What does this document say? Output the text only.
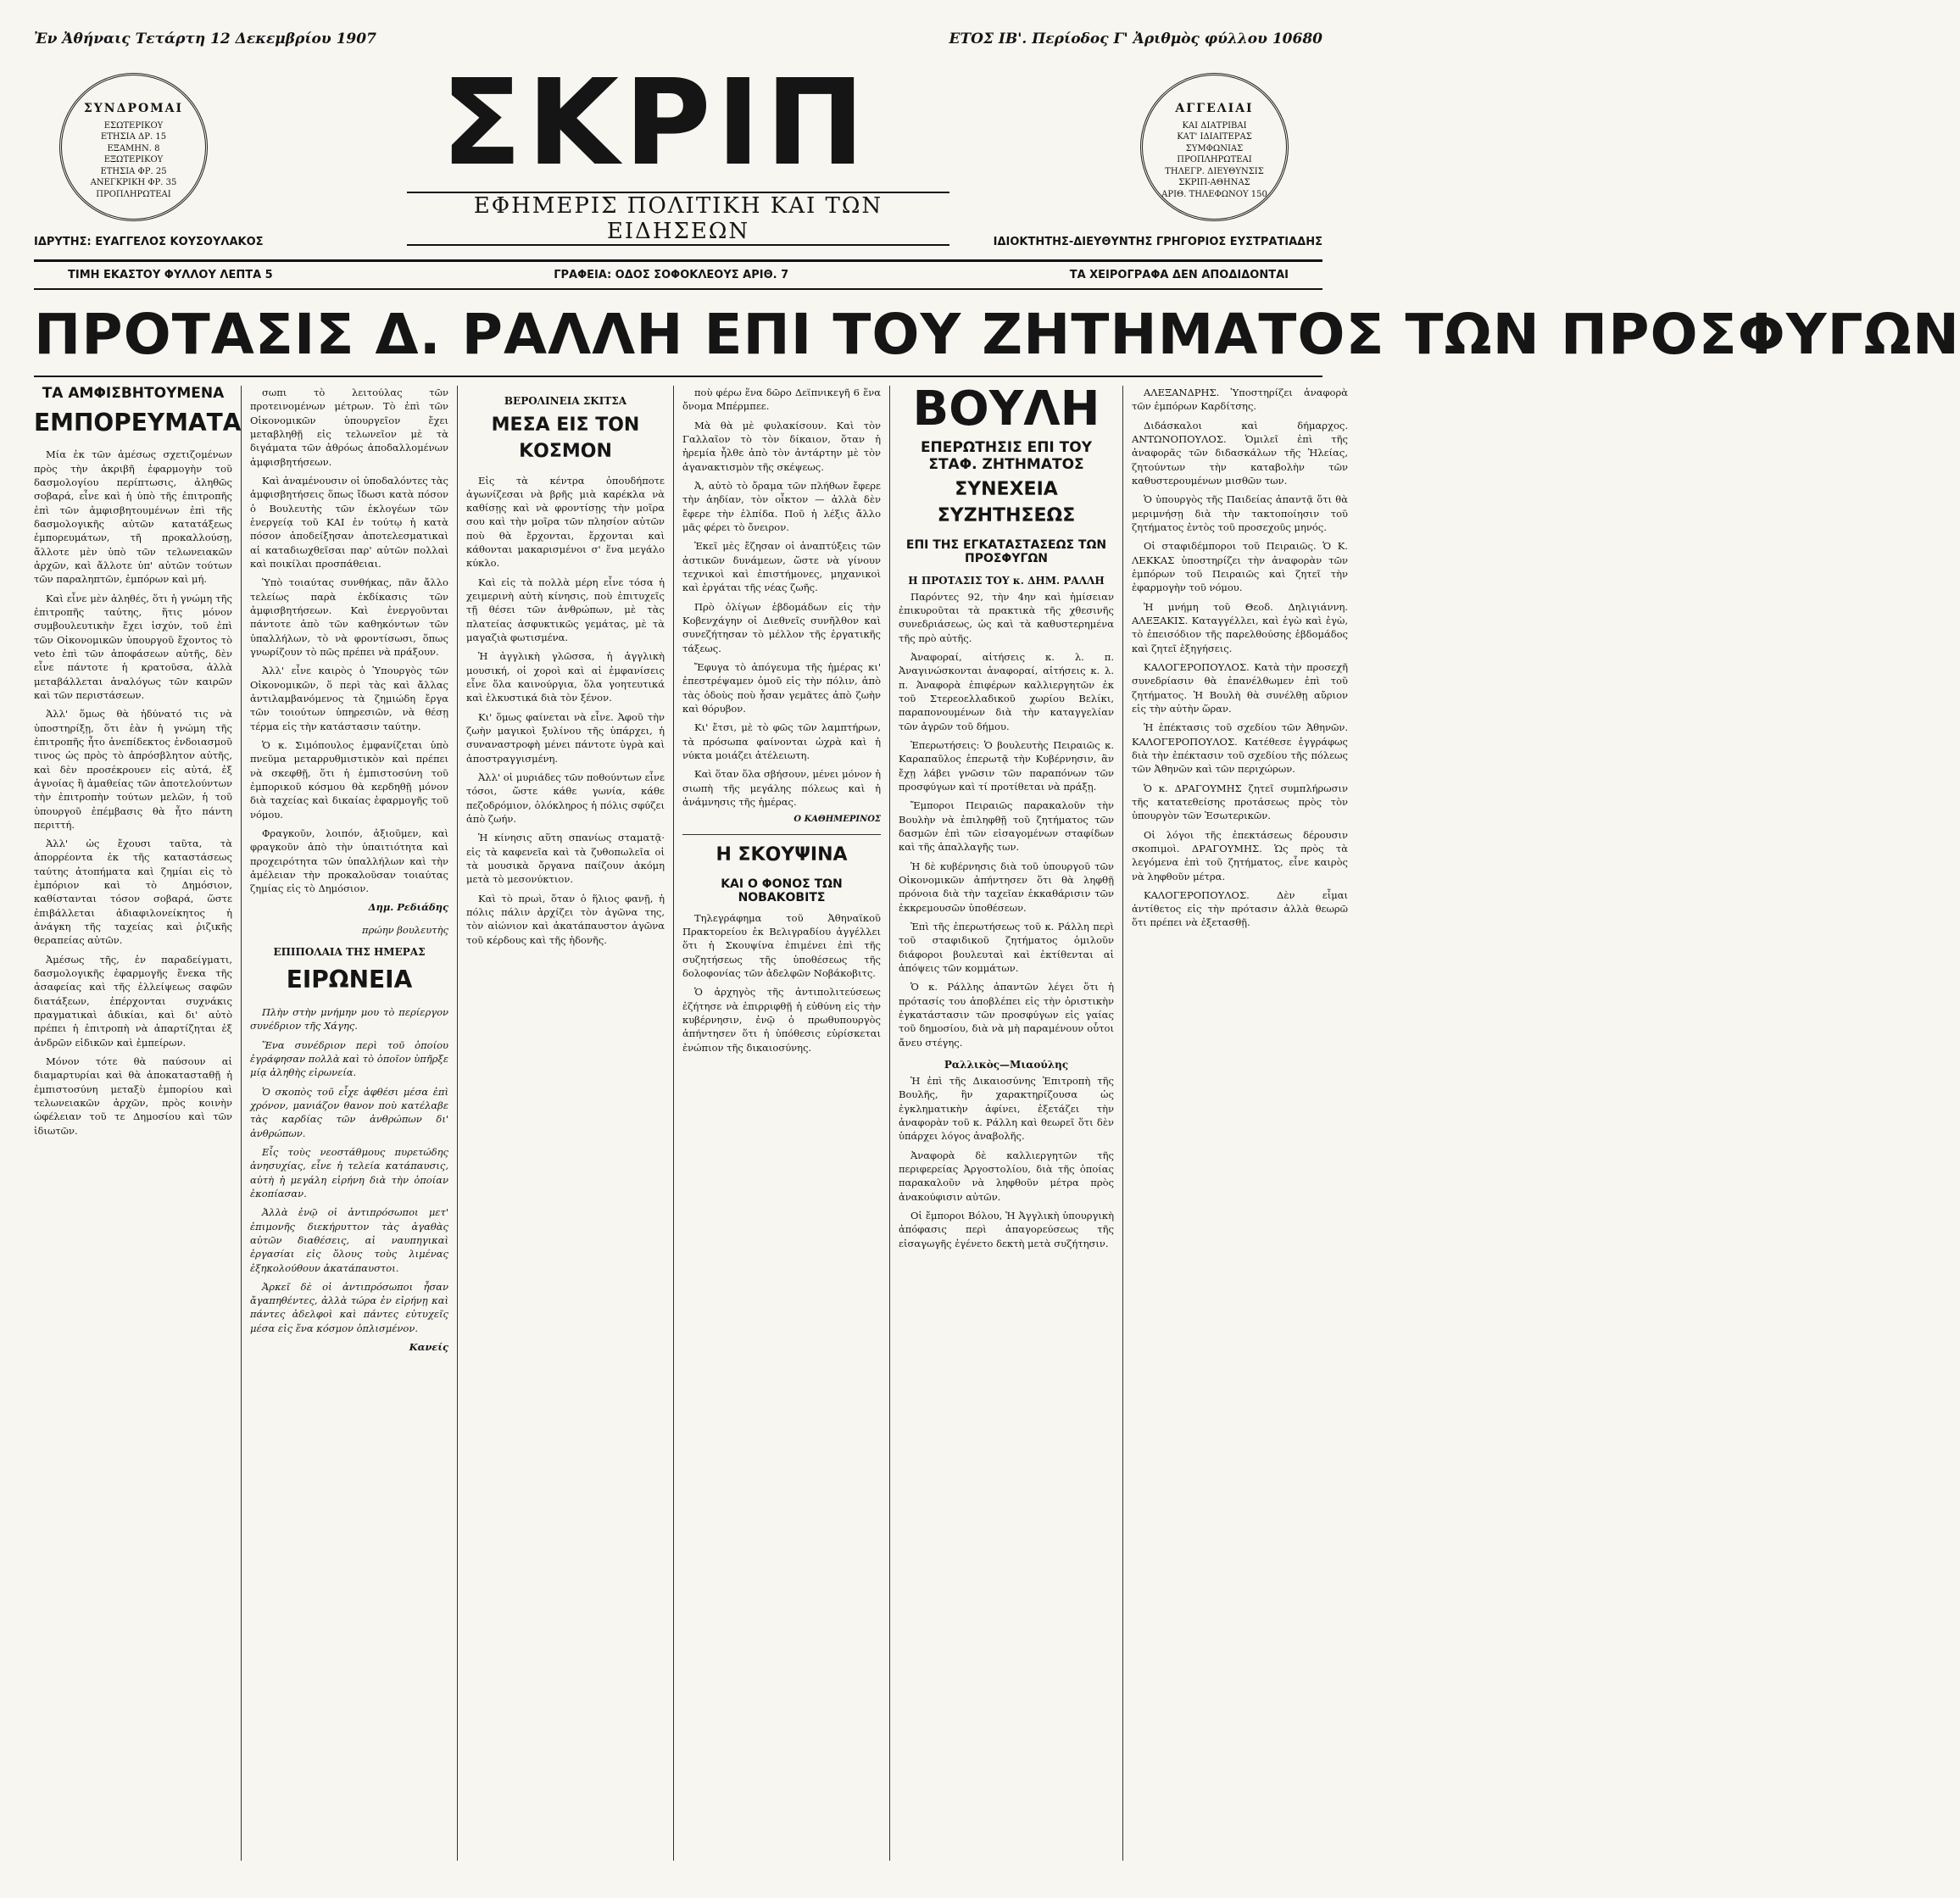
Ἐν Ἀθήναις Τετάρτη 12 Δεκεμβρίου 1907	ΕΤΟΣ ΙΒ'. Περίοδος Γ' Ἀριθμὸς φύλλου 10680
ΣΥΝΔΡΟΜΑΙ
ΕΣΩΤΕΡΙΚΟΥ
ΕΤΗΣΙΑ ΔΡ. 15
ΕΞΑΜΗΝ. 8
ΕΞΩΤΕΡΙΚΟΥ
ΕΤΗΣΙΑ ΦΡ. 25
ΑΝΕΓΚΡΙΚΗ ΦΡ. 35
ΠΡΟΠΛΗΡΩΤΕΑΙ
ΣΚΡΙΠ
ΕΦΗΜΕΡΙΣ ΠΟΛΙΤΙΚΗ ΚΑΙ ΤΩΝ ΕΙΔΗΣΕΩΝ
ΑΓΓΕΛΙΑΙ
ΚΑΙ ΔΙΑΤΡΙΒΑΙ
ΚΑΤ' ΙΔΙΑΙΤΕΡΑΣ
ΣΥΜΦΩΝΙΑΣ
ΠΡΟΠΛΗΡΩΤΕΑΙ
ΤΗΛΕΓΡ. ΔΙΕΥΘΥΝΣΙΣ
ΣΚΡΙΠ-ΑΘΗΝΑΣ
ΑΡΙΘ. ΤΗΛΕΦΩΝΟΥ 150
ΙΔΡΥΤΗΣ: ΕΥΑΓΓΕΛΟΣ ΚΟΥΣΟΥΛΑΚΟΣ	ΙΔΙΟΚΤΗΤΗΣ-ΔΙΕΥΘΥΝΤΗΣ ΓΡΗΓΟΡΙΟΣ ΕΥΣΤΡΑΤΙΑΔΗΣ
ΤΙΜΗ ΕΚΑΣΤΟΥ ΦΥΛΛΟΥ ΛΕΠΤΑ 5	ΓΡΑΦΕΙΑ: ΟΔΟΣ ΣΟΦΟΚΛΕΟΥΣ ΑΡΙΘ. 7	ΤΑ ΧΕΙΡΟΓΡΑΦΑ ΔΕΝ ΑΠΟΔΙΔΟΝΤΑΙ
ΠΡΟΤΑΣΙΣ Δ. ΡΑΛΛΗ ΕΠΙ ΤΟΥ ΖΗΤΗΜΑΤΟΣ ΤΩΝ ΠΡΟΣΦΥΓΩΝ
ΤΑ ΑΜΦΙΣΒΗΤΟΥΜΕΝΑ
ΕΜΠΟΡΕΥΜΑΤΑ

Μία ἐκ τῶν ἀμέσως σχετιζομένων πρὸς τὴν ἀκριβῆ ἐφαρμογὴν τοῦ δασμολογίου περίπτωσις, ἀληθῶς σοβαρά, εἶνε καὶ ἡ ὑπὸ τῆς ἐπιτροπῆς ἐπὶ τῶν ἀμφισβητουμένων ἐπὶ τῆς δασμολογικῆς αὐτῶν κατατάξεως ἐμπορευμάτων, τῆ προκαλλούσῃ, ἄλλοτε μὲν ὑπὸ τῶν τελωνειακῶν ἀρχῶν, καὶ ἄλλοτε ὑπ' αὐτῶν τούτων τῶν παραληπτῶν, ἐμπόρων καὶ μή.

Καὶ εἶνε μὲν ἀληθές, ὅτι ἡ γνώμη τῆς ἐπιτροπῆς ταύτης, ἥτις μόνον συμβουλευτικὴν ἔχει ἰσχύν, τοῦ ἐπὶ τῶν Οἰκονομικῶν ὑπουργοῦ ἔχοντος τὸ veto ἐπὶ τῶν ἀποφάσεων αὐτῆς, δὲν εἶνε πάντοτε ἡ κρατοῦσα, ἀλλὰ μεταβάλλεται ἀναλόγως τῶν καιρῶν καὶ τῶν περιστάσεων.

Ἀλλ' ὅμως θὰ ἠδύνατό τις νὰ ὑποστηρίξῃ, ὅτι ἐὰν ἡ γνώμη τῆς ἐπιτροπῆς ἦτο ἀνεπίδεκτος ἐνδοιασμοῦ τινος ὡς πρὸς τὸ ἀπρόσβλητον αὐτῆς, καὶ δὲν προσέκρουεν εἰς αὐτά, ἐξ ἀγνοίας ἢ ἀμαθείας τῶν ἀποτελούντων τὴν ἐπιτροπὴν τούτων μελῶν, ἡ τοῦ ὑπουργοῦ ἐπέμβασις θὰ ἦτο πάντη περιττή.

Ἀλλ' ὡς ἔχουσι ταῦτα, τὰ ἀπορρέοντα ἐκ τῆς καταστάσεως ταύτης ἀτοπήματα καὶ ζημίαι εἰς τὸ ἐμπόριον καὶ τὸ Δημόσιον, καθίστανται τόσον σοβαρά, ὥστε ἐπιβάλλεται ἀδιαφιλονείκητος ἡ ἀνάγκη τῆς ταχείας καὶ ῥιζικῆς θεραπείας αὐτῶν.

Ἀμέσως τῆς, ἐν παραδείγματι, δασμολογικῆς ἐφαρμογῆς ἕνεκα τῆς ἀσαφείας καὶ τῆς ἐλλείψεως σαφῶν διατάξεων, ἐπέρχονται συχνάκις πραγματικαὶ ἀδικίαι, καὶ δι' αὐτὸ πρέπει ἡ ἐπιτροπὴ νὰ ἀπαρτίζηται ἐξ ἀνδρῶν εἰδικῶν καὶ ἐμπείρων.

Μόνον τότε θὰ παύσουν αἱ διαμαρτυρίαι καὶ θὰ ἀποκατασταθῇ ἡ ἐμπιστοσύνη μεταξὺ ἐμπορίου καὶ τελωνειακῶν ἀρχῶν, πρὸς κοινὴν ὠφέλειαν τοῦ τε Δημοσίου καὶ τῶν ἰδιωτῶν.

σωπι τὸ λειτούλας τῶν προτεινομένων μέτρων. Τὸ ἐπὶ τῶν Οἰκονομικῶν ὑπουργεῖον ἔχει μεταβληθῇ εἰς τελωνεῖον μὲ τὰ διγάματα τῶν ἀθρόως ἀποδαλλομένων ἀμφισβητήσεων.

Καὶ ἀναμένουσιν οἱ ὑποδαλόντες τὰς ἀμφισβητήσεις ὅπως ἴδωσι κατὰ πόσον ὁ Βουλευτὴς τῶν ἐκλογέων τῶν ἐνεργείᾳ τοῦ ΚΑΙ ἐν τούτῳ ἡ κατὰ πόσον ἀποδείξησαν ἀποτελεσματικαὶ αἱ καταδιωχθεῖσαι παρ' αὐτῶν πολλαὶ καὶ ποικίλαι προσπάθειαι.

Ὑπὸ τοιαύτας συνθήκας, πᾶν ἄλλο τελείως παρὰ ἐκδίκασις τῶν ἀμφισβητήσεων. Καὶ ἐνεργοῦνται πάντοτε ἀπὸ τῶν καθηκόντων τῶν ὑπαλλήλων, τὸ νὰ φροντίσωσι, ὅπως γνωρίζουν τὸ πῶς πρέπει νὰ πράξουν.

Ἀλλ' εἶνε καιρὸς ὁ Ὑπουργὸς τῶν Οἰκονομικῶν, ὅ περὶ τὰς καὶ ἄλλας ἀντιλαμβανόμενος τὰ ζημιώδη ἔργα τῶν τοιούτων ὑπηρεσιῶν, νὰ θέσῃ τέρμα εἰς τὴν κατάστασιν ταύτην.

Ὁ κ. Σιμόπουλος ἐμφανίζεται ὑπὸ πνεῦμα μεταρρυθμιστικὸν καὶ πρέπει νὰ σκεφθῇ, ὅτι ἡ ἐμπιστοσύνη τοῦ ἐμπορικοῦ κόσμου θὰ κερδηθῇ μόνον διὰ ταχείας καὶ δικαίας ἐφαρμογῆς τοῦ νόμου.

Φραγκοῦν, λοιπόν, ἀξιοῦμεν, καὶ φραγκοῦν ἀπὸ τὴν ὑπαιτιότητα καὶ προχειρότητα τῶν ὑπαλλήλων καὶ τὴν ἀμέλειαν τὴν προκαλοῦσαν τοιαύτας ζημίας εἰς τὸ Δημόσιον.

Δημ. Ρεδιάδης
πρώην βουλευτὴς
ΕΠΙΠΟΛΑΙΑ ΤΗΣ ΗΜΕΡΑΣ
ΕΙΡΩΝΕΙΑ

Πλὴν στὴν μνήμην μου τὸ περίεργον συνέδριον τῆς Χάγης.

Ἕνα συνέδριον περὶ τοῦ ὁποίου ἐγράφησαν πολλὰ καὶ τὸ ὁποῖον ὑπῆρξε μίᾳ ἀληθὴς εἰρωνεία.

Ὁ σκοπὸς τοῦ εἶχε ἀφθέσι μέσα ἐπὶ χρόνον, μανιάζον θανον ποὺ κατέλαβε τὰς καρδίας τῶν ἀνθρώπων δι' ἀνθρώπων.

Εἶς τοὺς νεοστάθμους πυρετώδης ἀνησυχίας, εἶνε ἡ τελεία κατάπαυσις, αὐτὴ ἡ μεγάλη εἰρήνη διὰ τὴν ὁποίαν ἐκοπίασαν.

Ἀλλὰ ἐνῷ οἱ ἀντιπρόσωποι μετ' ἐπιμονῆς διεκήρυττον τὰς ἀγαθὰς αὐτῶν διαθέσεις, αἱ ναυπηγικαὶ ἐργασίαι εἰς ὅλους τοὺς λιμένας ἐξηκολούθουν ἀκατάπαυστοι.

Ἀρκεῖ δὲ οἱ ἀντιπρόσωποι ἦσαν ἄγαπηθέντες, ἀλλὰ τώρα ἐν εἰρήνῃ καὶ πάντες ἀδελφοὶ καὶ πάντες εὐτυχεῖς μέσα εἰς ἕνα κόσμον ὁπλισμένον.

Κανείς
ΒΕΡΟΛΙΝΕΙΑ ΣΚΙΤΣΑ
ΜΕΣΑ ΕΙΣ ΤΟΝ ΚΟΣΜΟΝ

Εἰς τὰ κέντρα ὁπουδήποτε ἀγωνίζεσαι νὰ βρῆς μιὰ καρέκλα νὰ καθίσῃς καὶ νὰ φροντίσῃς τὴν μοῖρα σου καὶ τὴν μοῖρα τῶν πλησίον αὐτῶν ποὺ θὰ ἔρχονται, ἔρχονται καὶ κάθονται μακαρισμένοι σ' ἕνα μεγάλο κύκλο.

Καὶ εἰς τὰ πολλὰ μέρη εἶνε τόσα ἡ χειμερινὴ αὐτὴ κίνησις, ποὺ ἐπιτυχεῖς τῇ θέσει τῶν ἀνθρώπων, μὲ τὰς πλατείας ἀσφυκτικῶς γεμάτας, μὲ τὰ μαγαζιὰ φωτισμένα.

Ἡ ἀγγλικὴ γλῶσσα, ἡ ἀγγλικὴ μουσική, οἱ χοροὶ καὶ αἱ ἐμφανίσεις εἶνε ὅλα καινούργια, ὅλα γοητευτικά καὶ ἐλκυστικά διὰ τὸν ξένον.

Κι' ὅμως φαίνεται νὰ εἶνε. Ἀφοῦ τὴν ζωὴν μαγικοὶ ξυλίνου τῆς ὑπάρχει, ἡ συναναστροφὴ μένει πάντοτε ὑγρὰ καὶ ἀποστραγγισμένη.

Ἀλλ' οἱ μυριάδες τῶν ποθούντων εἶνε τόσοι, ὥστε κάθε γωνία, κάθε πεζοδρόμιον, ὁλόκληρος ἡ πόλις σφύζει ἀπὸ ζωήν.

Ἡ κίνησις αὕτη σπανίως σταματᾷ· εἰς τὰ καφενεῖα καὶ τὰ ζυθοπωλεῖα οἱ τὰ μουσικὰ ὄργανα παίζουν ἀκόμη μετὰ τὸ μεσονύκτιον.

Καὶ τὸ πρωὶ, ὅταν ὁ ἥλιος φανῇ, ἡ πόλις πάλιν ἀρχίζει τὸν ἀγῶνα της, τὸν αἰώνιον καὶ ἀκατάπαυστον ἀγῶνα τοῦ κέρδους καὶ τῆς ἡδονῆς.

ποὺ φέρω ἕνα δῶρο Δεϊπνικεγῆ 6 ἕνα ὄνομα Μπέρμπεε.

Μὰ θὰ μὲ φυλακίσουν. Καὶ τὸν Γαλλαῖον τὸ τὸν δίκαιον, ὅταν ἡ ἠρεμία ἦλθε ἀπὸ τὸν ἀντάρτην μὲ τὸν ἀγανακτισμὸν τῆς σκέψεως.

Ἀ, αὐτὸ τὸ ὄραμα τῶν πλήθων ἔφερε τὴν ἀηδίαν, τὸν οἶκτον — ἀλλὰ δὲν ἔφερε τὴν ἐλπίδα. Ποῦ ἡ λέξις ἄλλο μᾶς φέρει τὸ ὄνειρον.

Ἐκεῖ μὲς ἔζησαν οἱ ἀναπτύξεις τῶν ἀστικῶν δυνάμεων, ὥστε νὰ γίνουν τεχνικοὶ καὶ ἐπιστήμονες, μηχανικοὶ καὶ ἐργάται τῆς νέας ζωῆς.

Πρὸ ὀλίγων ἑβδομάδων εἰς τὴν Κοβενχάγην οἱ Διεθνεῖς συνῆλθον καὶ συνεζήτησαν τὸ μέλλον τῆς ἐργατικῆς τάξεως.

Ἔφυγα τὸ ἀπόγευμα τῆς ἡμέρας κι' ἐπεστρέψαμεν ὁμοῦ εἰς τὴν πόλιν, ἀπὸ τὰς ὁδοὺς ποὺ ἦσαν γεμᾶτες ἀπὸ ζωὴν καὶ θόρυβον.

Κι' ἔτσι, μὲ τὸ φῶς τῶν λαμπτήρων, τὰ πρόσωπα φαίνονται ὠχρὰ καὶ ἡ νύκτα μοιάζει ἀτέλειωτη.

Καὶ ὅταν ὅλα σβήσουν, μένει μόνον ἡ σιωπὴ τῆς μεγάλης πόλεως καὶ ἡ ἀνάμνησις τῆς ἡμέρας.

Ο ΚΑΘΗΜΕΡΙΝΟΣ
Η ΣΚΟΥΨΙΝΑ
ΚΑΙ Ο ΦΟΝΟΣ ΤΩΝ ΝΟΒΑΚΟΒΙΤΣ

Τηλεγράφημα τοῦ Ἀθηναϊκοῦ Πρακτορείου ἐκ Βελιγραδίου ἀγγέλλει ὅτι ἡ Σκουψίνα ἐπιμένει ἐπὶ τῆς συζητήσεως τῆς ὑποθέσεως τῆς δολοφονίας τῶν ἀδελφῶν Νοβάκοβιτς.

Ὁ ἀρχηγὸς τῆς ἀντιπολιτεύσεως ἐζήτησε νὰ ἐπιρριφθῇ ἡ εὐθύνη εἰς τὴν κυβέρνησιν, ἐνῷ ὁ πρωθυπουργὸς ἀπήντησεν ὅτι ἡ ὑπόθεσις εὑρίσκεται ἐνώπιον τῆς δικαιοσύνης.

ΒΟΥΛΗ
ΕΠΕΡΩΤΗΣΙΣ ΕΠΙ ΤΟΥ ΣΤΑΦ. ΖΗΤΗΜΑΤΟΣ
ΣΥΝΕΧΕΙΑ ΣΥΖΗΤΗΣΕΩΣ
ΕΠΙ ΤΗΣ ΕΓΚΑΤΑΣΤΑΣΕΩΣ ΤΩΝ ΠΡΟΣΦΥΓΩΝ
Η ΠΡΟΤΑΣΙΣ ΤΟΥ κ. ΔΗΜ. ΡΑΛΛΗ

Παρόντες 92, τὴν 4ην καὶ ἡμίσειαν ἐπικυροῦται τὰ πρακτικὰ τῆς χθεσινῆς συνεδριάσεως, ὡς καὶ τὰ καθυστερημένα τῆς πρὸ αὐτῆς.

Ἀναφοραί, αἰτήσεις κ. λ. π. Ἀναγινώσκονται ἀναφοραί, αἰτήσεις κ. λ. π. Ἀναφορὰ ἐπιφέρων καλλιεργητῶν ἐκ τοῦ Στερεοελλαδικοῦ χωρίου Βελίκι, παραπονουμένων διὰ τὴν καταγγελίαν τῶν ἀγρῶν τοῦ δήμου.

Ἐπερωτήσεις: Ὁ βουλευτὴς Πειραιῶς κ. Καραπαῦλος ἐπερωτᾷ τὴν Κυβέρνησιν, ἂν ἔχῃ λάβει γνῶσιν τῶν παραπόνων τῶν προσφύγων καὶ τί προτίθεται νὰ πράξῃ.

Ἔμποροι Πειραιῶς παρακαλοῦν τὴν Βουλὴν νὰ ἐπιληφθῇ τοῦ ζητήματος τῶν δασμῶν ἐπὶ τῶν εἰσαγομένων σταφίδων καὶ τῆς ἀπαλλαγῆς των.

Ἡ δὲ κυβέρνησις διὰ τοῦ ὑπουργοῦ τῶν Οἰκονομικῶν ἀπήντησεν ὅτι θὰ ληφθῇ πρόνοια διὰ τὴν ταχεῖαν ἐκκαθάρισιν τῶν ἐκκρεμουσῶν ὑποθέσεων.

Ἐπὶ τῆς ἐπερωτήσεως τοῦ κ. Ράλλη περὶ τοῦ σταφιδικοῦ ζητήματος ὁμιλοῦν διάφοροι βουλευταὶ καὶ ἐκτίθενται αἱ ἀπόψεις τῶν κομμάτων.

Ὁ κ. Ράλλης ἀπαντῶν λέγει ὅτι ἡ πρότασίς του ἀποβλέπει εἰς τὴν ὁριστικὴν ἐγκατάστασιν τῶν προσφύγων εἰς γαίας τοῦ δημοσίου, διὰ νὰ μὴ παραμένουν οὗτοι ἄνευ στέγης.

Ραλλικὸς—Μιαούλης

Ἡ ἐπὶ τῆς Δικαιοσύνης Ἐπιτροπὴ τῆς Βουλῆς, ἣν χαρακτηρίζουσα ὡς ἐγκληματικὴν ἀφίνει, ἐξετάζει τὴν ἀναφορὰν τοῦ κ. Ράλλη καὶ θεωρεῖ ὅτι δὲν ὑπάρχει λόγος ἀναβολῆς.

Ἀναφορὰ δὲ καλλιεργητῶν τῆς περιφερείας Ἀργοστολίου, διὰ τῆς ὁποίας παρακαλοῦν νὰ ληφθοῦν μέτρα πρὸς ἀνακούφισιν αὐτῶν.

Οἱ ἔμποροι Βόλου, Ἡ Ἀγγλικὴ ὑπουργικὴ ἀπόφασις περὶ ἀπαγορεύσεως τῆς εἰσαγωγῆς ἐγένετο δεκτὴ μετὰ συζήτησιν.

ΑΛΕΞΑΝΔΡΗΣ. Ὑποστηρίζει ἀναφορὰ τῶν ἐμπόρων Καρδίτσης.

Διδάσκαλοι καὶ δήμαρχος. ΑΝΤΩΝΟΠΟΥΛΟΣ. Ὁμιλεῖ ἐπὶ τῆς ἀναφορᾶς τῶν διδασκάλων τῆς Ἠλείας, ζητούντων τὴν καταβολὴν τῶν καθυστερουμένων μισθῶν των.

Ὁ ὑπουργὸς τῆς Παιδείας ἀπαντᾷ ὅτι θὰ μεριμνήσῃ διὰ τὴν τακτοποίησιν τοῦ ζητήματος ἐντὸς τοῦ προσεχοῦς μηνός.

Οἱ σταφιδέμποροι τοῦ Πειραιῶς. Ὁ Κ. ΛΕΚΚΑΣ ὑποστηρίζει τὴν ἀναφορὰν τῶν ἐμπόρων τοῦ Πειραιῶς καὶ ζητεῖ τὴν ἐφαρμογὴν τοῦ νόμου.

Ἡ μνήμη τοῦ Θεοδ. Δηλιγιάννη. ΑΛΕΞΑΚΙΣ. Καταγγέλλει, καὶ ἐγὼ καὶ ἐγὼ, τὸ ἐπεισόδιον τῆς παρελθούσης ἑβδομάδος καὶ ζητεῖ ἐξηγήσεις.

ΚΑΛΟΓΕΡΟΠΟΥΛΟΣ. Κατὰ τὴν προσεχῆ συνεδρίασιν θὰ ἐπανέλθωμεν ἐπὶ τοῦ ζητήματος. Ἡ Βουλὴ θὰ συνέλθῃ αὔριον εἰς τὴν αὐτὴν ὥραν.

Ἡ ἐπέκτασις τοῦ σχεδίου τῶν Ἀθηνῶν. ΚΑΛΟΓΕΡΟΠΟΥΛΟΣ. Κατέθεσε ἐγγράφως διὰ τὴν ἐπέκτασιν τοῦ σχεδίου τῆς πόλεως τῶν Ἀθηνῶν καὶ τῶν περιχώρων.

Ὁ κ. ΔΡΑΓΟΥΜΗΣ ζητεῖ συμπλήρωσιν τῆς κατατεθείσης προτάσεως πρὸς τὸν ὑπουργὸν τῶν Ἐσωτερικῶν.

Οἱ λόγοι τῆς ἐπεκτάσεως δέρουσιν σκοπιμοὶ. ΔΡΑΓΟΥΜΗΣ. Ὡς πρὸς τὰ λεγόμενα ἐπὶ τοῦ ζητήματος, εἶνε καιρὸς νὰ ληφθοῦν μέτρα.

ΚΑΛΟΓΕΡΟΠΟΥΛΟΣ. Δὲν εἶμαι ἀντίθετος εἰς τὴν πρότασιν ἀλλὰ θεωρῶ ὅτι πρέπει νὰ ἐξετασθῇ.
